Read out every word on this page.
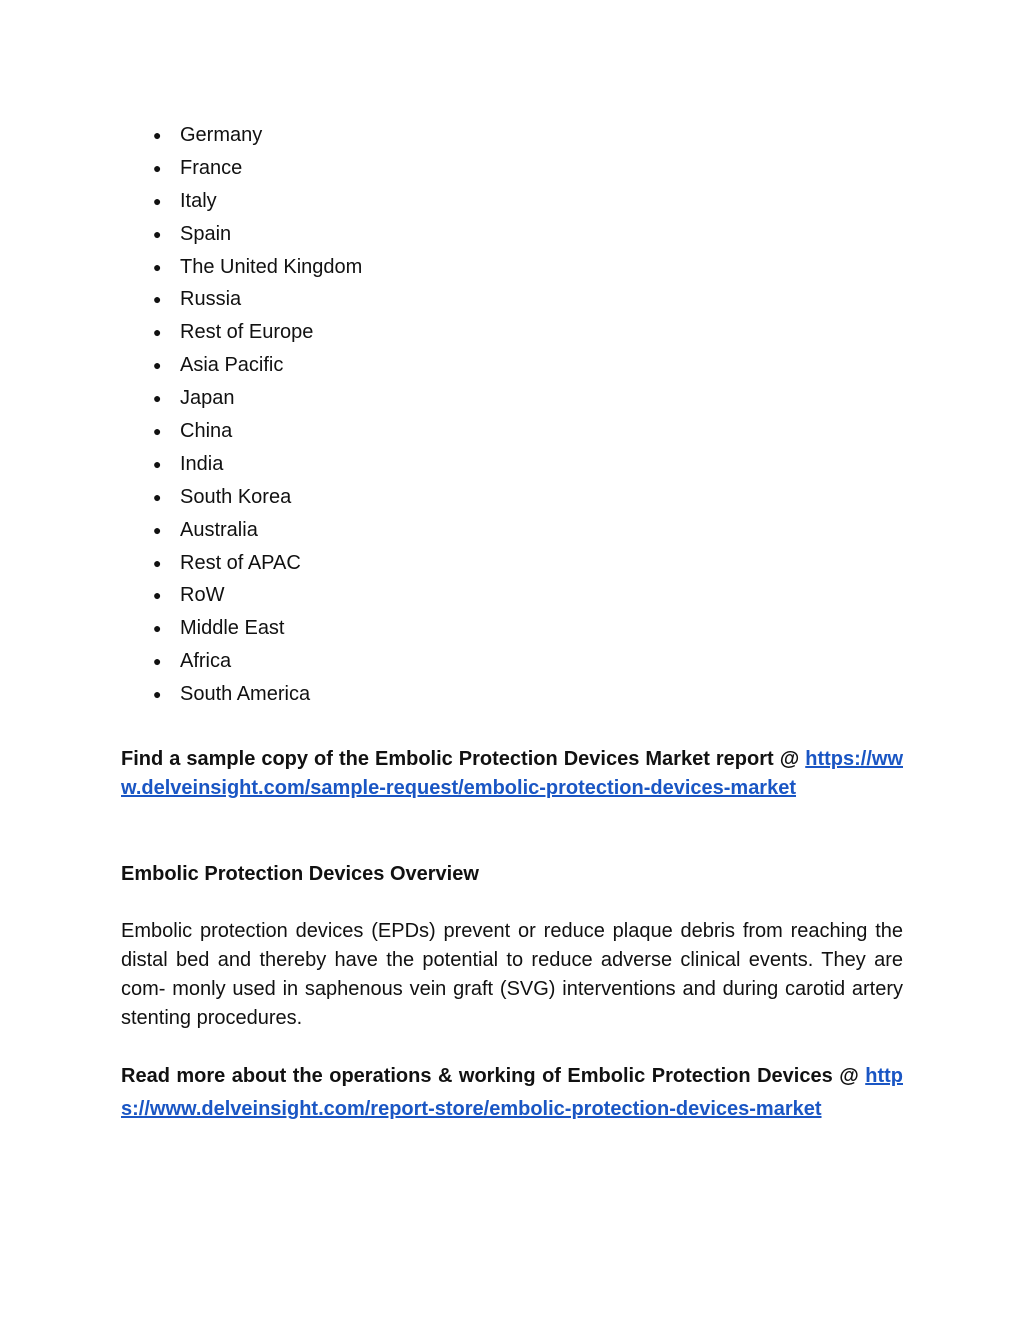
● Germany
● France
● Italy
● Spain
● The United Kingdom
● Russia
● Rest of Europe
● Asia Pacific
● Japan
● China
● India
● South Korea
● Australia
● Rest of APAC
● RoW
● Middle East
● Africa
● South America
Find a sample copy of the Embolic Protection Devices Market report @ https://www.delveinsight.com/sample-request/embolic-protection-devices-market
Embolic Protection Devices Overview
Embolic protection devices (EPDs) prevent or reduce plaque debris from reaching the distal bed and thereby have the potential to reduce adverse clinical events. They are com- monly used in saphenous vein graft (SVG) interventions and during carotid artery stenting procedures.
Read more about the operations & working of Embolic Protection Devices @ https://www.delveinsight.com/report-store/embolic-protection-devices-market
